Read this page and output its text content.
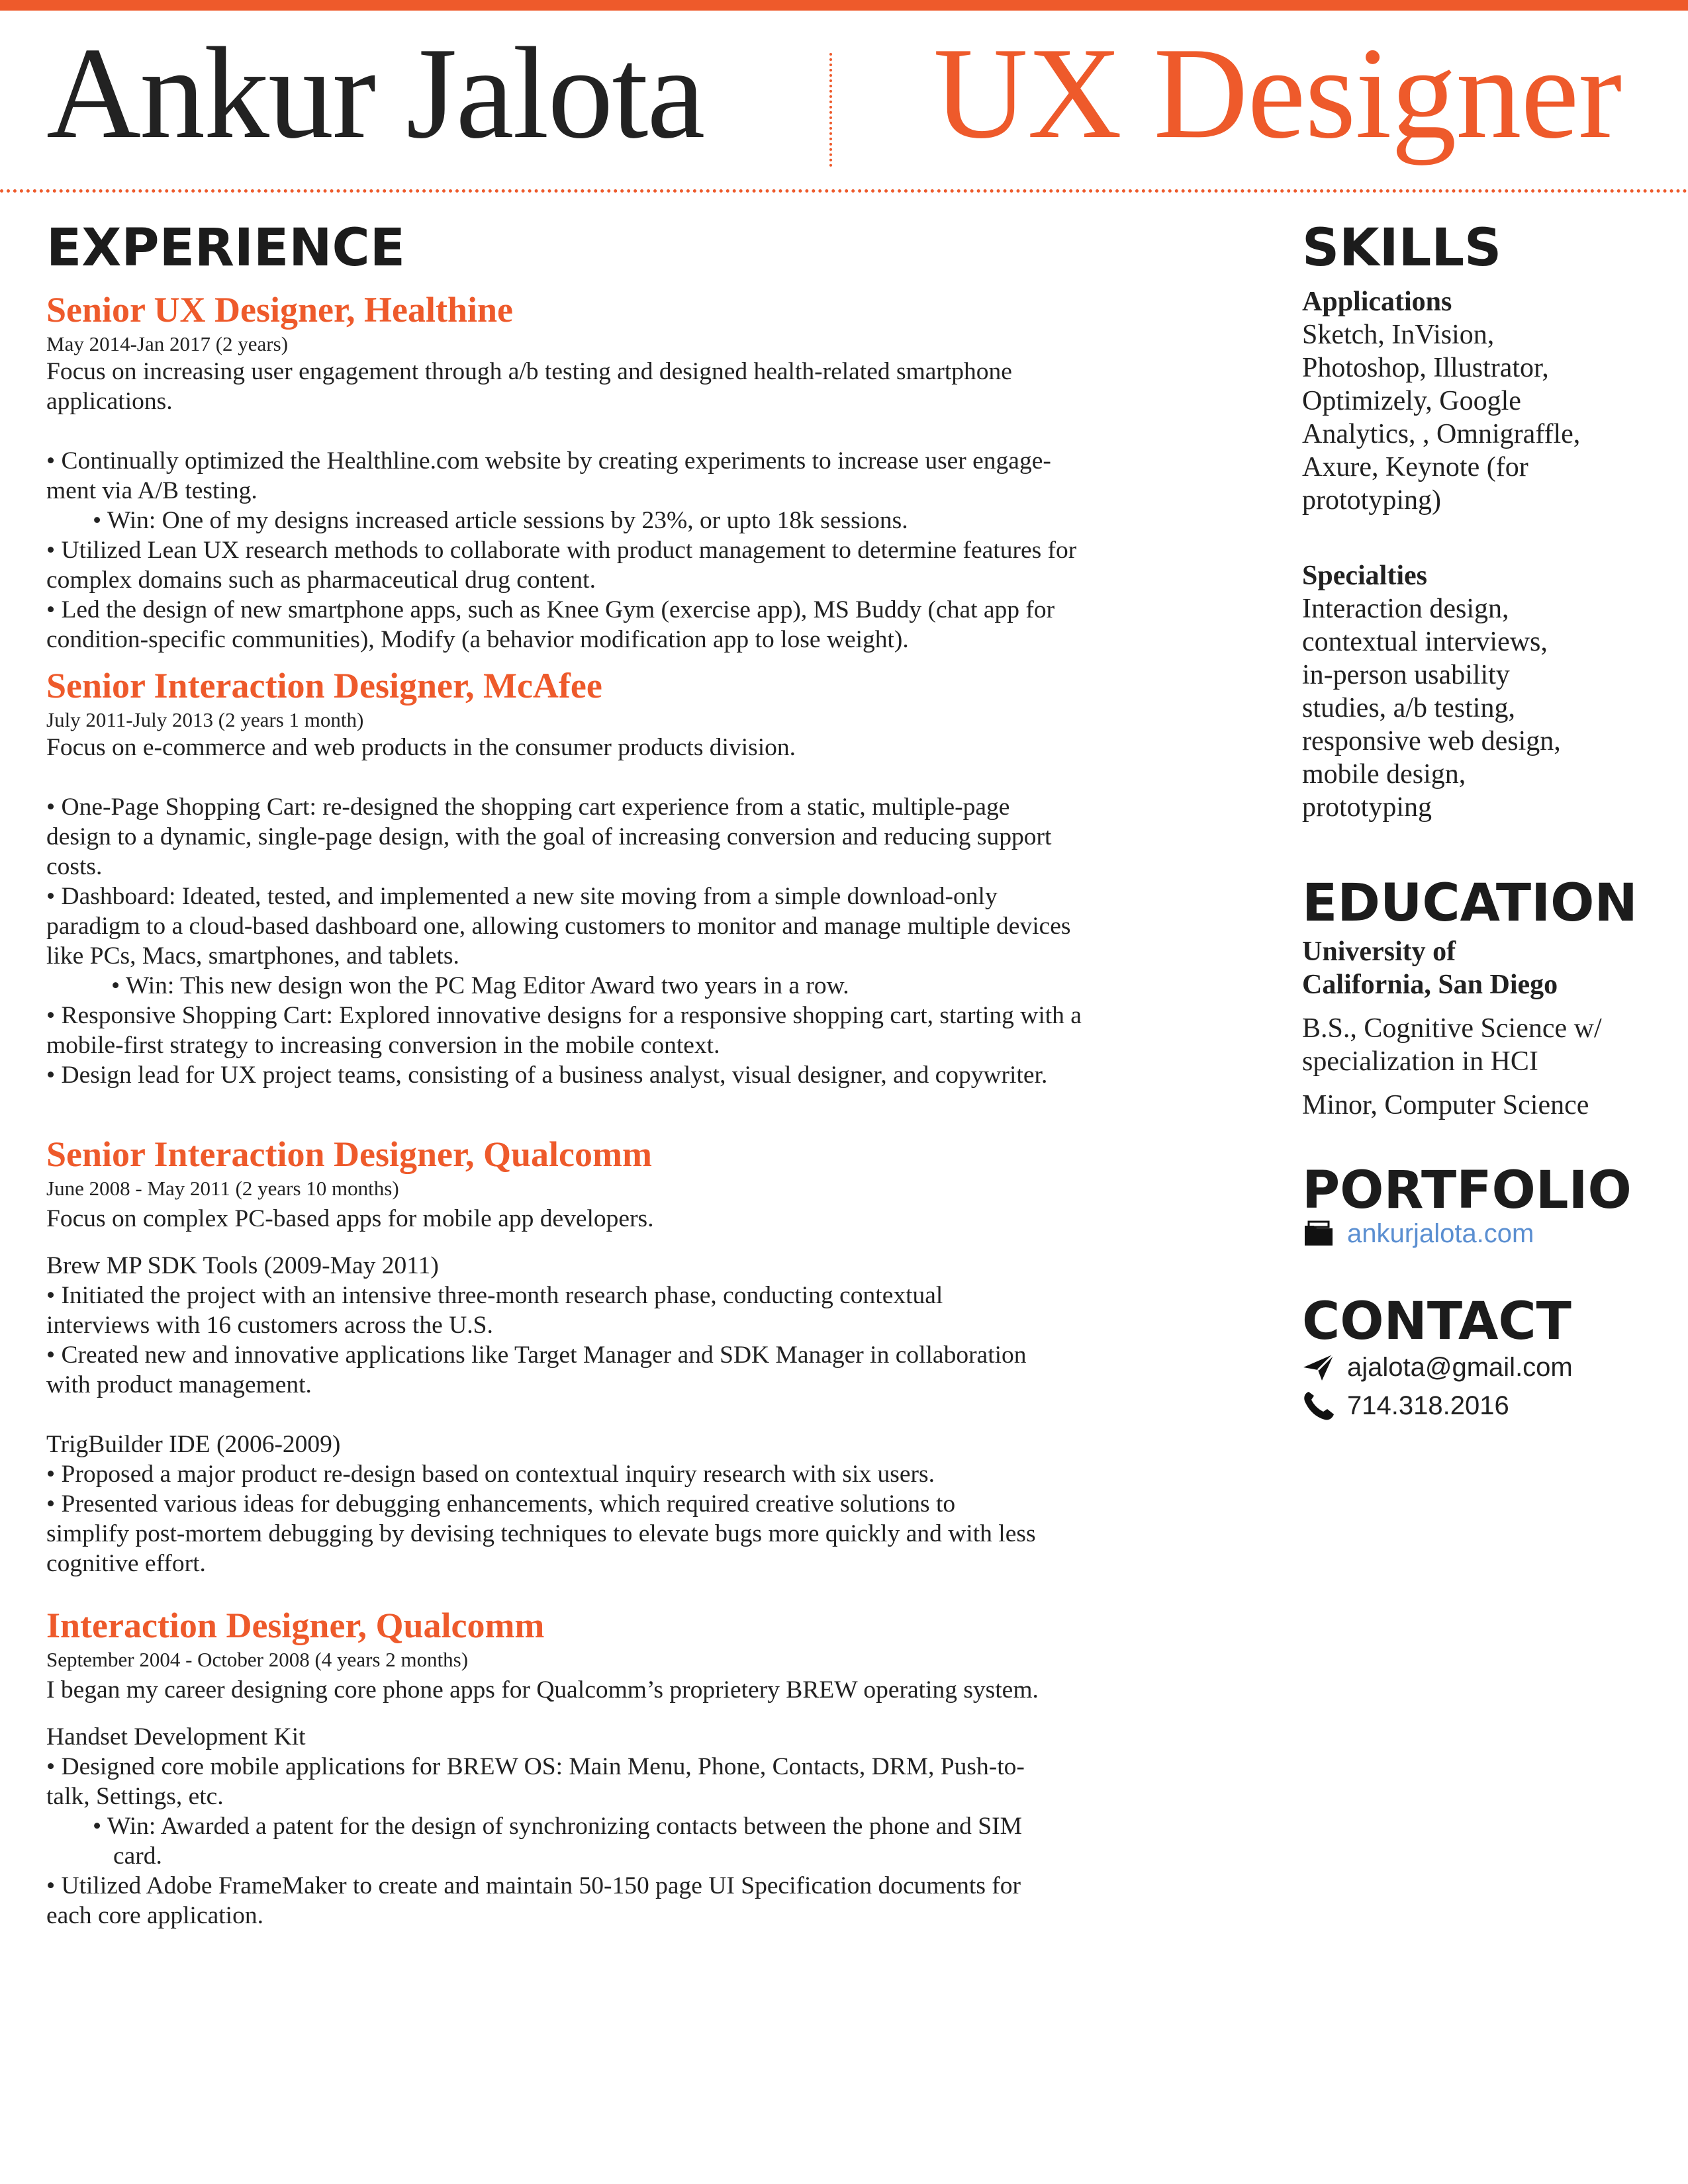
Ankur Jalota UX Designer
EXPERIENCE
Senior UX Designer, Healthine
May 2014-Jan 2017 (2 years)

Focus on increasing user engagement through a/b testing and designed health-related smartphone
applications.

• Continually optimized the Healthline.com website by creating experiments to increase user engage-
ment via A/B testing.
• Win: One of my designs increased article sessions by 23%, or upto 18k sessions.
• Utilized Lean UX research methods to collaborate with product management to determine features for
complex domains such as pharmaceutical drug content.
• Led the design of new smartphone apps, such as Knee Gym (exercise app), MS Buddy (chat app for
condition-specific communities), Modify (a behavior modification app to lose weight).
Senior Interaction Designer, McAfee
July 2011-July 2013 (2 years 1 month)

Focus on e-commerce and web products in the consumer products division.

• One-Page Shopping Cart: re-designed the shopping cart experience from a static, multiple-page
design to a dynamic, single-page design, with the goal of increasing conversion and reducing support
costs.
• Dashboard: Ideated, tested, and implemented a new site moving from a simple download-only
paradigm to a cloud-based dashboard one, allowing customers to monitor and manage multiple devices
like PCs, Macs, smartphones, and tablets.
• Win: This new design won the PC Mag Editor Award two years in a row.
• Responsive Shopping Cart: Explored innovative designs for a responsive shopping cart, starting with a
mobile-first strategy to increasing conversion in the mobile context.
• Design lead for UX project teams, consisting of a business analyst, visual designer, and copywriter.
Senior Interaction Designer, Qualcomm
June 2008 - May 2011 (2 years 10 months)

Focus on complex PC-based apps for mobile app developers.

Brew MP SDK Tools (2009-May 2011)

• Initiated the project with an intensive three-month research phase, conducting contextual
interviews with 16 customers across the U.S.
• Created new and innovative applications like Target Manager and SDK Manager in collaboration
with product management.

TrigBuilder IDE (2006-2009)

• Proposed a major product re-design based on contextual inquiry research with six users.
• Presented various ideas for debugging enhancements, which required creative solutions to
simplify post-mortem debugging by devising techniques to elevate bugs more quickly and with less
cognitive effort.
Interaction Designer, Qualcomm
September 2004 - October 2008 (4 years 2 months)

I began my career designing core phone apps for Qualcomm’s proprietery BREW operating system.

Handset Development Kit

• Designed core mobile applications for BREW OS: Main Menu, Phone, Contacts, DRM, Push-to-
talk, Settings, etc.
• Win: Awarded a patent for the design of synchronizing contacts between the phone and SIM
card.
• Utilized Adobe FrameMaker to create and maintain 50-150 page UI Specification documents for
each core application.
SKILLS
Applications
Sketch, InVision,
Photoshop, Illustrator,
Optimizely, Google
Analytics, , Omnigraffle,
Axure, Keynote (for
prototyping)
Specialties
Interaction design,
contextual interviews,
in-person usability
studies, a/b testing,
responsive web design,
mobile design,
prototyping
EDUCATION
University of
California, San Diego
B.S., Cognitive Science w/
specialization in HCI
Minor, Computer Science
PORTFOLIO
ankurjalota.com
CONTACT
ajalota@gmail.com
714.318.2016
